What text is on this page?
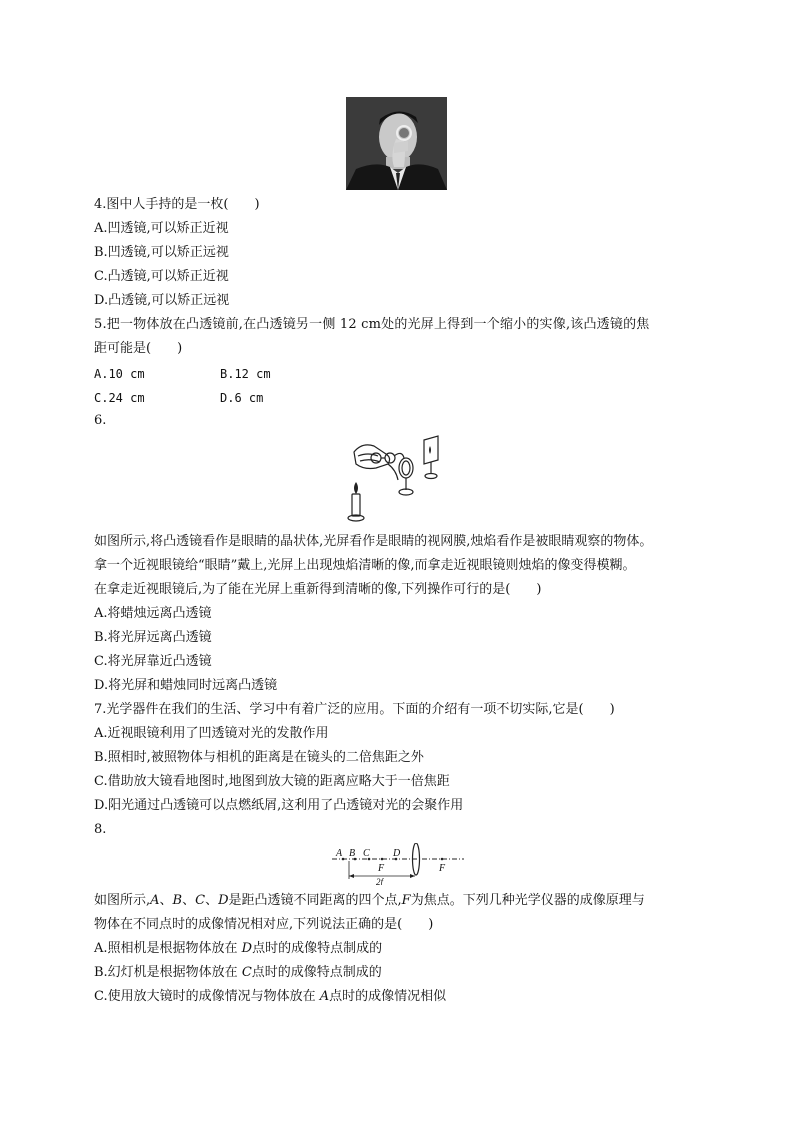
4.图中人手持的是一枚(　　)
A.凹透镜,可以矫正近视
B.凹透镜,可以矫正远视
C.凸透镜,可以矫正近视
D.凸透镜,可以矫正远视
5.把一物体放在凸透镜前,在凸透镜另一侧 12 cm处的光屏上得到一个缩小的实像,该凸透镜的焦
距可能是(　　)
A.10 cm	B.12 cm
C.24 cm	D.6 cm
6.
如图所示,将凸透镜看作是眼睛的晶状体,光屏看作是眼睛的视网膜,烛焰看作是被眼睛观察的物体。
拿一个近视眼镜给“眼睛”戴上,光屏上出现烛焰清晰的像,而拿走近视眼镜则烛焰的像变得模糊。
在拿走近视眼镜后,为了能在光屏上重新得到清晰的像,下列操作可行的是(　　)
A.将蜡烛远离凸透镜
B.将光屏远离凸透镜
C.将光屏靠近凸透镜
D.将光屏和蜡烛同时远离凸透镜
7.光学器件在我们的生活、学习中有着广泛的应用。下面的介绍有一项不切实际,它是(　　)
A.近视眼镜利用了凹透镜对光的发散作用
B.照相时,被照物体与相机的距离是在镜头的二倍焦距之外
C.借助放大镜看地图时,地图到放大镜的距离应略大于一倍焦距
D.阳光通过凸透镜可以点燃纸屑,这利用了凸透镜对光的会聚作用
8.
A B C D
F	F
2f
如图所示,A、B、C、D是距凸透镜不同距离的四个点,F为焦点。下列几种光学仪器的成像原理与
物体在不同点时的成像情况相对应,下列说法正确的是(　　)
A.照相机是根据物体放在 D点时的成像特点制成的
B.幻灯机是根据物体放在 C点时的成像特点制成的
C.使用放大镜时的成像情况与物体放在 A点时的成像情况相似
